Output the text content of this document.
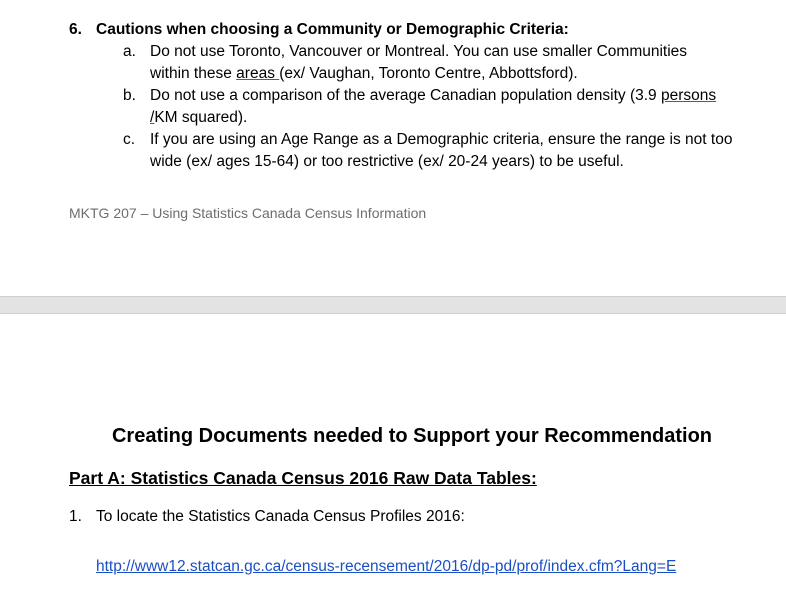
6. Cautions when choosing a Community or Demographic Criteria:
a. Do not use Toronto, Vancouver or Montreal. You can use smaller Communities
within these areas (ex/ Vaughan, Toronto Centre, Abbottsford).
b. Do not use a comparison of the average Canadian population density (3.9 persons
/KM squared).
c. If you are using an Age Range as a Demographic criteria, ensure the range is not too
wide (ex/ ages 15-64) or too restrictive (ex/ 20-24 years) to be useful.
MKTG 207 – Using Statistics Canada Census Information
Creating Documents needed to Support your Recommendation
Part A: Statistics Canada Census 2016 Raw Data Tables:
1. To locate the Statistics Canada Census Profiles 2016:
http://www12.statcan.gc.ca/census-recensement/2016/dp-pd/prof/index.cfm?Lang=E
